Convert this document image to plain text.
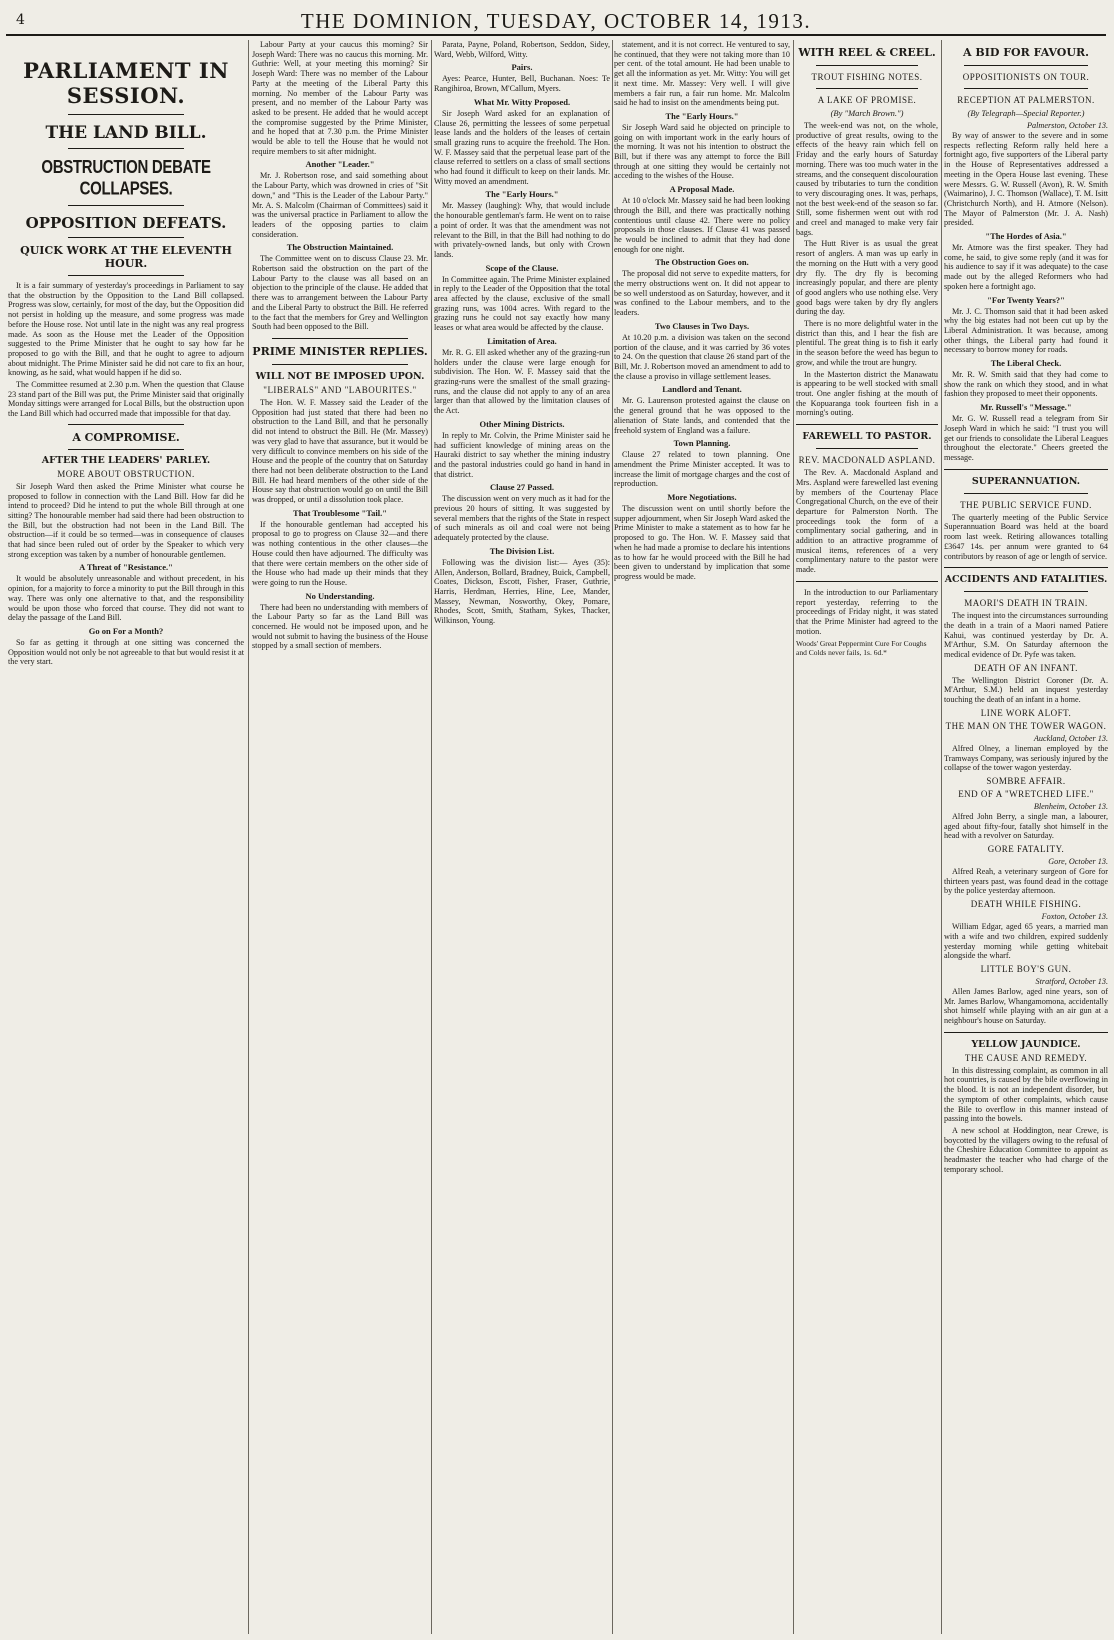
4	THE DOMINION, TUESDAY, OCTOBER 14, 1913.
PARLIAMENT IN SESSION.
THE LAND BILL.
OBSTRUCTION DEBATE COLLAPSES.
OPPOSITION DEFEATS.
QUICK WORK AT THE ELEVENTH HOUR.

It is a fair summary of yesterday's proceedings in Parliament to say that the obstruction by the Opposition to the Land Bill collapsed. Progress was slow, certainly, for most of the day, but the Opposition did not persist in holding up the measure, and some progress was made before the House rose. Not until late in the night was any real progress made. As soon as the House met the Leader of the Opposition suggested to the Prime Minister that he ought to say how far he proposed to go with the Bill, and that he ought to agree to adjourn about midnight. The Prime Minister said he did not care to fix an hour, knowing, as he said, what would happen if he did so.

The Committee resumed at 2.30 p.m. When the question that Clause 23 stand part of the Bill was put, the Prime Minister said that originally Monday sittings were arranged for Local Bills, but the obstruction upon the Land Bill which had occurred made that impossible for that day.

A COMPROMISE.
AFTER THE LEADERS' PARLEY.
MORE ABOUT OBSTRUCTION.

Sir Joseph Ward then asked the Prime Minister what course he proposed to follow in connection with the Land Bill. How far did he intend to proceed? Did he intend to put the whole Bill through at one sitting? The honourable member had said there had been obstruction to the Bill, but the obstruction had not been in the Land Bill. The obstruction—if it could be so termed—was in consequence of clauses that had since been ruled out of order by the Speaker to which very strong exception was taken by a number of honourable gentlemen.

A Threat of "Resistance."

It would be absolutely unreasonable and without precedent, in his opinion, for a majority to force a minority to put the Bill through in this way. There was only one alternative to that, and the responsibility would be upon those who forced that course. They did not want to delay the passage of the Land Bill.

Go on For a Month?

So far as getting it through at one sitting was concerned the Opposition would not only be not agreeable to that but would resist it at the very start.

Labour Party at your caucus this morning? Sir Joseph Ward: There was no caucus this morning. Mr. Guthrie: Well, at your meeting this morning? Sir Joseph Ward: There was no member of the Labour Party at the meeting of the Liberal Party this morning. No member of the Labour Party was present, and no member of the Labour Party was asked to be present. He added that he would accept the compromise suggested by the Prime Minister, and he hoped that at 7.30 p.m. the Prime Minister would be able to tell the House that he would not require members to sit after midnight.

Another "Leader."

Mr. J. Robertson rose, and said something about the Labour Party, which was drowned in cries of "Sit down," and "This is the Leader of the Labour Party." Mr. A. S. Malcolm (Chairman of Committees) said it was the universal practice in Parliament to allow the leaders of the opposing parties to claim consideration.

The Obstruction Maintained.

The Committee went on to discuss Clause 23. Mr. Robertson said the obstruction on the part of the Labour Party to the clause was all based on an objection to the principle of the clause. He added that there was to arrangement between the Labour Party and the Liberal Party to obstruct the Bill. He referred to the fact that the members for Grey and Wellington South had been opposed to the Bill.

PRIME MINISTER REPLIES.
WILL NOT BE IMPOSED UPON.
"LIBERALS" AND "LABOURITES."

The Hon. W. F. Massey said the Leader of the Opposition had just stated that there had been no obstruction to the Land Bill, and that he personally did not intend to obstruct the Bill. He (Mr. Massey) was very glad to have that assurance, but it would be very difficult to convince members on his side of the House and the people of the country that on Saturday there had not been deliberate obstruction to the Land Bill. He had heard members of the other side of the House say that obstruction would go on until the Bill was dropped, or until a dissolution took place.

That Troublesome "Tail."

If the honourable gentleman had accepted his proposal to go to progress on Clause 32—and there was nothing contentious in the other clauses—the House could then have adjourned. The difficulty was that there were certain members on the other side of the House who had made up their minds that they were going to run the House.

No Understanding.

There had been no understanding with members of the Labour Party so far as the Land Bill was concerned. He would not be imposed upon, and he would not submit to having the business of the House stopped by a small section of members.

Parata, Payne, Poland, Robertson, Seddon, Sidey, Ward, Webb, Wilford, Witty.

Pairs.

Ayes: Pearce, Hunter, Bell, Buchanan. Noes: Te Rangihiroa, Brown, M'Callum, Myers.

What Mr. Witty Proposed.

Sir Joseph Ward asked for an explanation of Clause 26, permitting the lessees of some perpetual lease lands and the holders of the leases of certain small grazing runs to acquire the freehold. The Hon. W. F. Massey said that the perpetual lease part of the clause referred to settlers on a class of small sections who had found it difficult to keep on their lands. Mr. Witty moved an amendment.

The "Early Hours."

Mr. Massey (laughing): Why, that would include the honourable gentleman's farm. He went on to raise a point of order. It was that the amendment was not relevant to the Bill, in that the Bill had nothing to do with privately-owned lands, but only with Crown lands.

Scope of the Clause.

In Committee again. The Prime Minister explained in reply to the Leader of the Opposition that the total area affected by the clause, exclusive of the small grazing runs, was 1004 acres. With regard to the grazing runs he could not say exactly how many leases or what area would be affected by the clause.

Limitation of Area.

Mr. R. G. Ell asked whether any of the grazing-run holders under the clause were large enough for subdivision. The Hon. W. F. Massey said that the grazing-runs were the smallest of the small grazing-runs, and the clause did not apply to any of an area larger than that allowed by the limitation clauses of the Act.

Other Mining Districts.

In reply to Mr. Colvin, the Prime Minister said he had sufficient knowledge of mining areas on the Hauraki district to say whether the mining industry and the pastoral industries could go hand in hand in that district.

Clause 27 Passed.

The discussion went on very much as it had for the previous 20 hours of sitting. It was suggested by several members that the rights of the State in respect of such minerals as oil and coal were not being adequately protected by the clause.

The Division List.

Following was the division list:— Ayes (35): Allen, Anderson, Bollard, Bradney, Buick, Campbell, Coates, Dickson, Escott, Fisher, Fraser, Guthrie, Harris, Herdman, Herries, Hine, Lee, Mander, Massey, Newman, Nosworthy, Okey, Pomare, Rhodes, Scott, Smith, Statham, Sykes, Thacker, Wilkinson, Young.

statement, and it is not correct. He ventured to say, he continued, that they were not taking more than 10 per cent. of the total amount. He had been unable to get all the information as yet. Mr. Witty: You will get it next time. Mr. Massey: Very well. I will give members a fair run, a fair run home. Mr. Malcolm said he had to insist on the amendments being put.

The "Early Hours."

Sir Joseph Ward said he objected on principle to going on with important work in the early hours of the morning. It was not his intention to obstruct the Bill, but if there was any attempt to force the Bill through at one sitting they would be certainly not acceding to the wishes of the House.

A Proposal Made.

At 10 o'clock Mr. Massey said he had been looking through the Bill, and there was practically nothing contentious until clause 42. There were no policy proposals in those clauses. If Clause 41 was passed he would be inclined to admit that they had done enough for one night.

The Obstruction Goes on.

The proposal did not serve to expedite matters, for the merry obstructions went on. It did not appear to be so well understood as on Saturday, however, and it was confined to the Labour members, and to the leaders.

Two Clauses in Two Days.

At 10.20 p.m. a division was taken on the second portion of the clause, and it was carried by 36 votes to 24. On the question that clause 26 stand part of the Bill, Mr. J. Robertson moved an amendment to add to the clause a proviso in village settlement leases.

Landlord and Tenant.

Mr. G. Laurenson protested against the clause on the general ground that he was opposed to the alienation of State lands, and contended that the freehold system of England was a failure.

Town Planning.

Clause 27 related to town planning. One amendment the Prime Minister accepted. It was to increase the limit of mortgage charges and the cost of reproduction.

More Negotiations.

The discussion went on until shortly before the supper adjournment, when Sir Joseph Ward asked the Prime Minister to make a statement as to how far he proposed to go. The Hon. W. F. Massey said that when he had made a promise to declare his intentions as to how far he would proceed with the Bill he had been given to understand by implication that some progress would be made.

WITH REEL & CREEL.
TROUT FISHING NOTES.
A LAKE OF PROMISE.
(By "March Brown.")

The week-end was not, on the whole, productive of great results, owing to the effects of the heavy rain which fell on Friday and the early hours of Saturday morning. There was too much water in the streams, and the consequent discolouration caused by tributaries to turn the condition to very discouraging ones. It was, perhaps, not the best week-end of the season so far. Still, some fishermen went out with rod and creel and managed to make very fair bags.

The Hutt River is as usual the great resort of anglers. A man was up early in the morning on the Hutt with a very good dry fly. The dry fly is becoming increasingly popular, and there are plenty of good anglers who use nothing else. Very good bags were taken by dry fly anglers during the day.

There is no more delightful water in the district than this, and I hear the fish are plentiful. The great thing is to fish it early in the season before the weed has begun to grow, and while the trout are hungry.

In the Masterton district the Manawatu is appearing to be well stocked with small trout. One angler fishing at the mouth of the Kopuaranga took fourteen fish in a morning's outing.

FAREWELL TO PASTOR.
REV. MACDONALD ASPLAND.

The Rev. A. Macdonald Aspland and Mrs. Aspland were farewelled last evening by members of the Courtenay Place Congregational Church, on the eve of their departure for Palmerston North. The proceedings took the form of a complimentary social gathering, and in addition to an attractive programme of musical items, references of a very complimentary nature to the pastor were made.

In the introduction to our Parliamentary report yesterday, referring to the proceedings of Friday night, it was stated that the Prime Minister had agreed to the motion.

Woods' Great Peppermint Cure For Coughs and Colds never fails, 1s. 6d.*

A BID FOR FAVOUR.
OPPOSITIONISTS ON TOUR.
RECEPTION AT PALMERSTON.
(By Telegraph—Special Reporter.)
Palmerston, October 13.

By way of answer to the severe and in some respects reflecting Reform rally held here a fortnight ago, five supporters of the Liberal party in the House of Representatives addressed a meeting in the Opera House last evening. These were Messrs. G. W. Russell (Avon), R. W. Smith (Waimarino), J. C. Thomson (Wallace), T. M. Isitt (Christchurch North), and H. Atmore (Nelson). The Mayor of Palmerston (Mr. J. A. Nash) presided.

"The Hordes of Asia."

Mr. Atmore was the first speaker. They had come, he said, to give some reply (and it was for his audience to say if it was adequate) to the case made out by the alleged Reformers who had spoken here a fortnight ago.

"For Twenty Years?"

Mr. J. C. Thomson said that it had been asked why the big estates had not been cut up by the Liberal Administration. It was because, among other things, the Liberal party had found it necessary to borrow money for roads.

The Liberal Check.

Mr. R. W. Smith said that they had come to show the rank on which they stood, and in what fashion they proposed to meet their opponents.

Mr. Russell's "Message."

Mr. G. W. Russell read a telegram from Sir Joseph Ward in which he said: "I trust you will get our friends to consolidate the Liberal Leagues throughout the electorate." Cheers greeted the message.

SUPERANNUATION.
THE PUBLIC SERVICE FUND.

The quarterly meeting of the Public Service Superannuation Board was held at the board room last week. Retiring allowances totalling £3647 14s. per annum were granted to 64 contributors by reason of age or length of service.

ACCIDENTS AND FATALITIES.
MAORI'S DEATH IN TRAIN.

The inquest into the circumstances surrounding the death in a train of a Maori named Patiere Kahui, was continued yesterday by Dr. A. M'Arthur, S.M. On Saturday afternoon the medical evidence of Dr. Pyfe was taken.

DEATH OF AN INFANT.

The Wellington District Coroner (Dr. A. M'Arthur, S.M.) held an inquest yesterday touching the death of an infant in a home.

LINE WORK ALOFT.
THE MAN ON THE TOWER WAGON.
Auckland, October 13.

Alfred Olney, a lineman employed by the Tramways Company, was seriously injured by the collapse of the tower wagon yesterday.

SOMBRE AFFAIR.
END OF A "WRETCHED LIFE."
Blenheim, October 13.

Alfred John Berry, a single man, a labourer, aged about fifty-four, fatally shot himself in the head with a revolver on Saturday.

GORE FATALITY.
Gore, October 13.

Alfred Reah, a veterinary surgeon of Gore for thirteen years past, was found dead in the cottage by the police yesterday afternoon.

DEATH WHILE FISHING.
Foxton, October 13.

William Edgar, aged 65 years, a married man with a wife and two children, expired suddenly yesterday morning while getting whitebait alongside the wharf.

LITTLE BOY'S GUN.
Stratford, October 13.

Allen James Barlow, aged nine years, son of Mr. James Barlow, Whangamomona, accidentally shot himself while playing with an air gun at a neighbour's house on Saturday.

YELLOW JAUNDICE.
THE CAUSE AND REMEDY.

In this distressing complaint, as common in all hot countries, is caused by the bile overflowing in the blood. It is not an independent disorder, but the symptom of other complaints, which cause the Bile to overflow in this manner instead of passing into the bowels.

A new school at Hoddington, near Crewe, is boycotted by the villagers owing to the refusal of the Cheshire Education Committee to appoint as headmaster the teacher who had charge of the temporary school.
